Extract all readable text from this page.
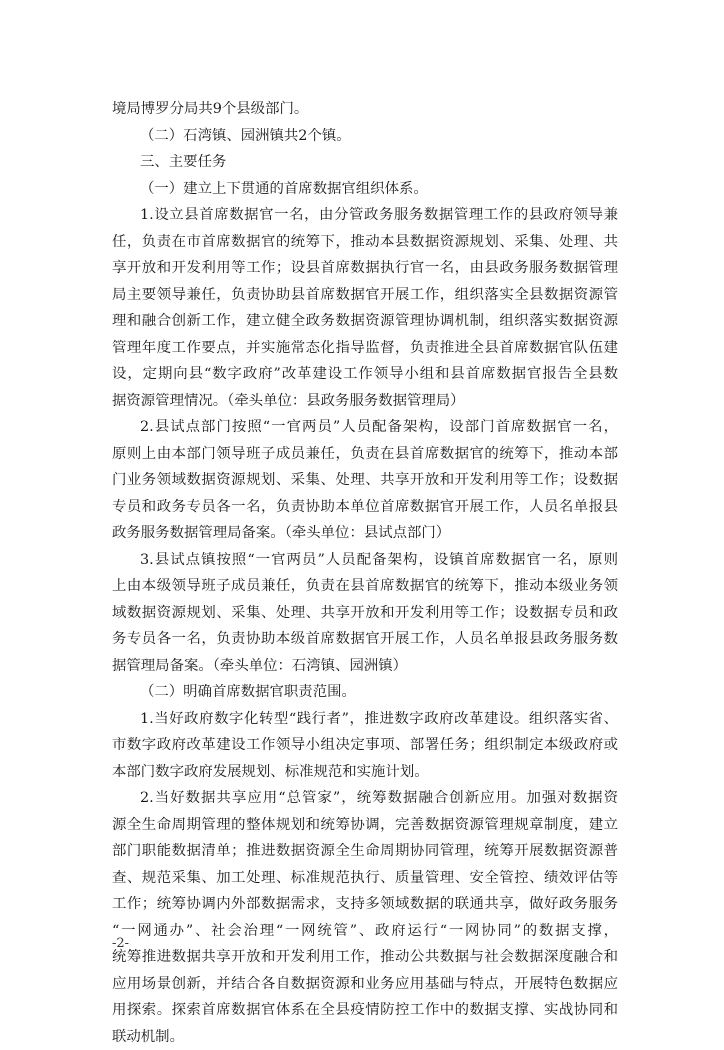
境局博罗分局共9个县级部门。
（二）石湾镇、园洲镇共2个镇。
三、主要任务
（一）建立上下贯通的首席数据官组织体系。
1.设立县首席数据官一名，由分管政务服务数据管理工作的县政府领导兼
任，负责在市首席数据官的统筹下，推动本县数据资源规划、采集、处理、共
享开放和开发利用等工作；设县首席数据执行官一名，由县政务服务数据管理
局主要领导兼任，负责协助县首席数据官开展工作，组织落实全县数据资源管
理和融合创新工作，建立健全政务数据资源管理协调机制，组织落实数据资源
管理年度工作要点，并实施常态化指导监督，负责推进全县首席数据官队伍建
设，定期向县“数字政府”改革建设工作领导小组和县首席数据官报告全县数
据资源管理情况。（牵头单位：县政务服务数据管理局）
2.县试点部门按照“一官两员”人员配备架构，设部门首席数据官一名，
原则上由本部门领导班子成员兼任，负责在县首席数据官的统筹下，推动本部
门业务领域数据资源规划、采集、处理、共享开放和开发利用等工作；设数据
专员和政务专员各一名，负责协助本单位首席数据官开展工作，人员名单报县
政务服务数据管理局备案。（牵头单位：县试点部门）
3.县试点镇按照“一官两员”人员配备架构，设镇首席数据官一名，原则
上由本级领导班子成员兼任，负责在县首席数据官的统筹下，推动本级业务领
域数据资源规划、采集、处理、共享开放和开发利用等工作；设数据专员和政
务专员各一名，负责协助本级首席数据官开展工作，人员名单报县政务服务数
据管理局备案。（牵头单位：石湾镇、园洲镇）
（二）明确首席数据官职责范围。
1.当好政府数字化转型“践行者”，推进数字政府改革建设。组织落实省、
市数字政府改革建设工作领导小组决定事项、部署任务；组织制定本级政府或
本部门数字政府发展规划、标准规范和实施计划。
2.当好数据共享应用“总管家”，统筹数据融合创新应用。加强对数据资
源全生命周期管理的整体规划和统筹协调，完善数据资源管理规章制度，建立
部门职能数据清单；推进数据资源全生命周期协同管理，统筹开展数据资源普
查、规范采集、加工处理、标准规范执行、质量管理、安全管控、绩效评估等
工作；统筹协调内外部数据需求，支持多领域数据的联通共享，做好政务服务
“一网通办”、社会治理“一网统管”、政府运行“一网协同”的数据支撑，
统筹推进数据共享开放和开发利用工作，推动公共数据与社会数据深度融合和
应用场景创新，并结合各自数据资源和业务应用基础与特点，开展特色数据应
用探索。探索首席数据官体系在全县疫情防控工作中的数据支撑、实战协同和
联动机制。
-2-
